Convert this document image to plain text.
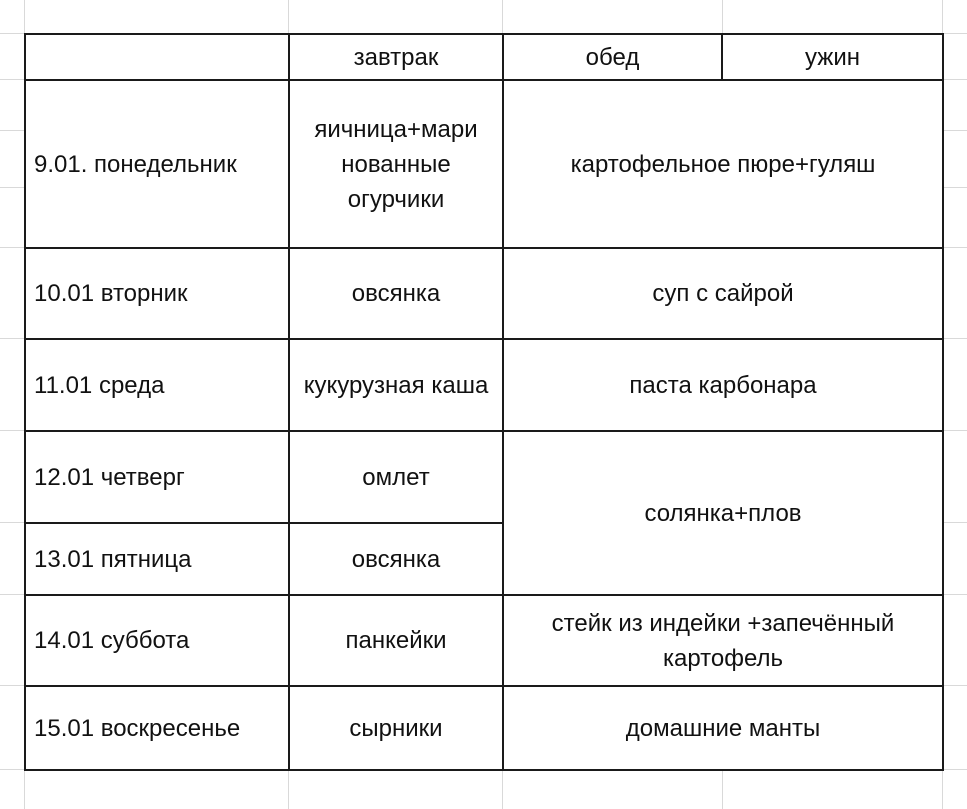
	завтрак	обед	ужин
9.01. понедельник	яичница+мари нованные огурчики	картофельное пюре+гуляш	
10.01 вторник	овсянка	суп с сайрой	
11.01 среда	кукурузная каша	паста карбонара	
12.01 четверг	омлет	солянка+плов	
13.01 пятница	овсянка		
14.01 суббота	панкейки	стейк из индейки +запечённый картофель	
15.01 воскресенье	сырники	домашние манты	
